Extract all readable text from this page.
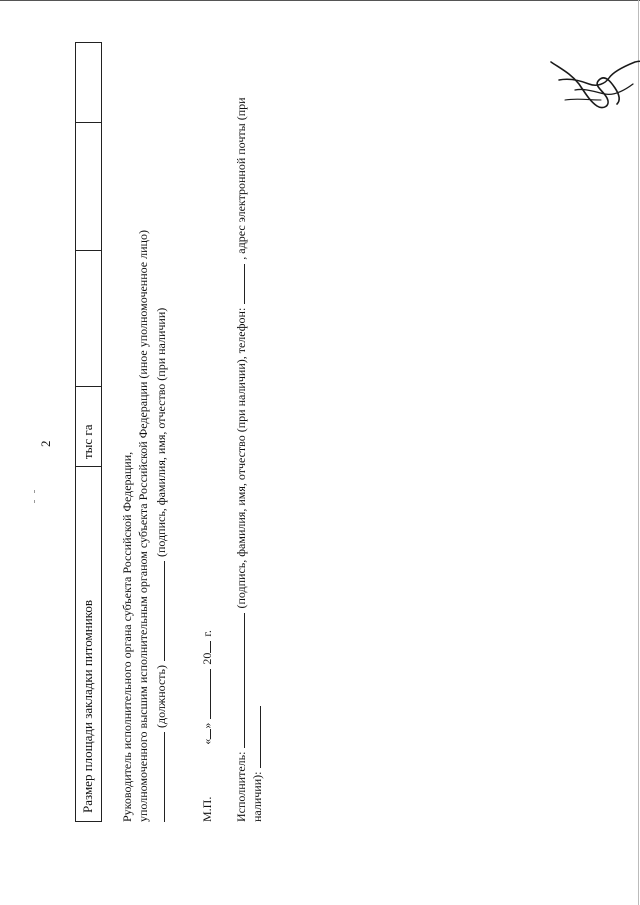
2
Размер площади закладки питомников
тыс га
Руководитель исполнительного органа субъекта Российской Федерации, уполномоченного высшим исполнительным органом субъекта Российской Федерации (иное уполномоченное лицо) (должность)  (подпись, фамилия, имя, отчество (при наличии)
М.П.  «»  20 г.
Исполнитель:  (подпись, фамилия, имя, отчество (при наличии), телефон:  , адрес электронной почты (при
наличии):
